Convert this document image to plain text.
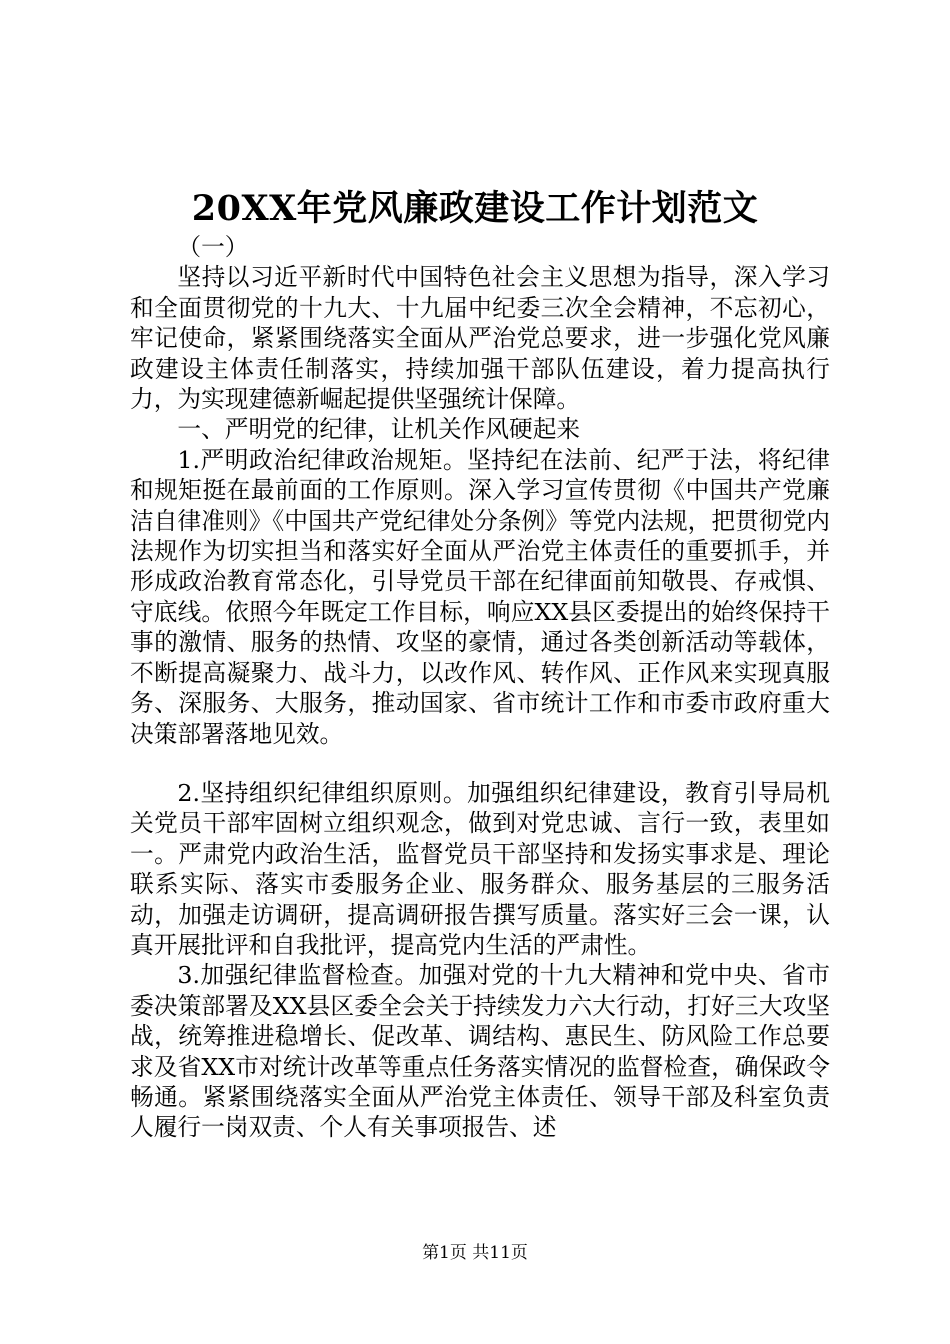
20XX年党风廉政建设工作计划范文

（一）

坚持以习近平新时代中国特色社会主义思想为指导，深入学习和全面贯彻党的十九大、十九届中纪委三次全会精神，不忘初心，牢记使命，紧紧围绕落实全面从严治党总要求，进一步强化党风廉政建设主体责任制落实，持续加强干部队伍建设，着力提高执行力，为实现建德新崛起提供坚强统计保障。

一、严明党的纪律，让机关作风硬起来

1.严明政治纪律政治规矩。坚持纪在法前、纪严于法，将纪律和规矩挺在最前面的工作原则。深入学习宣传贯彻《中国共产党廉洁自律准则》《中国共产党纪律处分条例》等党内法规，把贯彻党内法规作为切实担当和落实好全面从严治党主体责任的重要抓手，并形成政治教育常态化，引导党员干部在纪律面前知敬畏、存戒惧、守底线。依照今年既定工作目标，响应XX县区委提出的始终保持干事的激情、服务的热情、攻坚的豪情，通过各类创新活动等载体，不断提高凝聚力、战斗力，以改作风、转作风、正作风来实现真服务、深服务、大服务，推动国家、省市统计工作和市委市政府重大决策部署落地见效。

2.坚持组织纪律组织原则。加强组织纪律建设，教育引导局机关党员干部牢固树立组织观念，做到对党忠诚、言行一致，表里如一。严肃党内政治生活，监督党员干部坚持和发扬实事求是、理论联系实际、落实市委服务企业、服务群众、服务基层的三服务活动，加强走访调研，提高调研报告撰写质量。落实好三会一课，认真开展批评和自我批评，提高党内生活的严肃性。

3.加强纪律监督检查。加强对党的十九大精神和党中央、省市委决策部署及XX县区委全会关于持续发力六大行动，打好三大攻坚战，统筹推进稳增长、促改革、调结构、惠民生、防风险工作总要求及省XX市对统计改革等重点任务落实情况的监督检查，确保政令畅通。紧紧围绕落实全面从严治党主体责任、领导干部及科室负责人履行一岗双责、个人有关事项报告、述

第1页 共11页
